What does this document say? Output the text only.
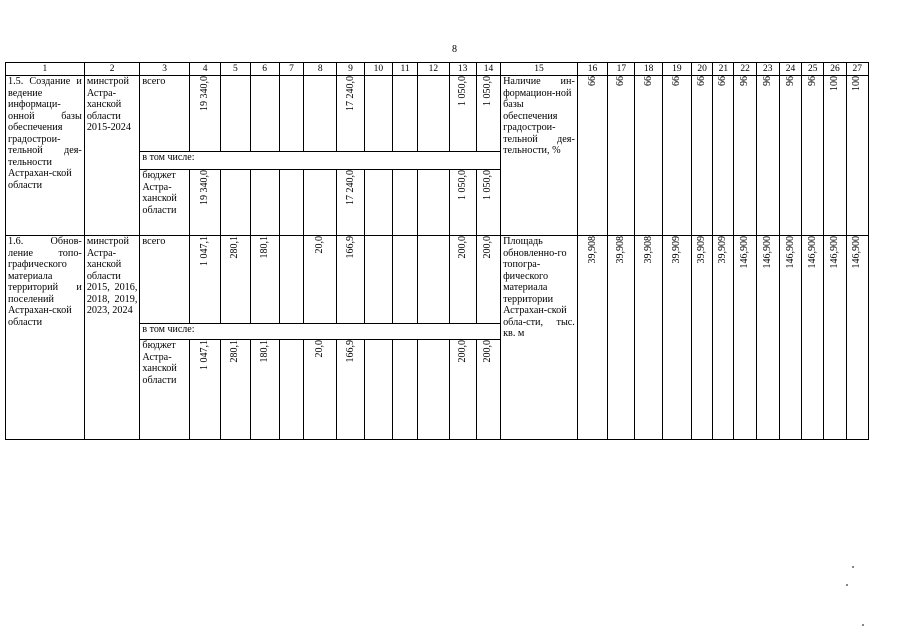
8
1	2	3	4	5	6	7	8	9	10	11	12	13	14	15	16	17	18	19	20	21	22	23	24	25	26	27
1.5. Создание и ведение информаци-онной базы обеспечения градострои-тельной дея-тельности Астрахан-ской области	минстрой Астра-ханской области 2015-2024	всего	19 340,0					17 240,0				1 050,0	1 050,0	Наличие ин-формацион-ной базы обеспечения градострои-тельной дея-тельности, %	66	66	66	66	66	66	96	96	96	96	100	100
		в том числе:																								
		бюджет Астра-ханской области	19 340,0					17 240,0				1 050,0	1 050,0													
1.6. Обнов-ление топо-графического материала территорий и поселений Астрахан-ской области	минстрой Астра-ханской области 2015, 2016, 2018, 2019, 2023, 2024	всего	1 047,1	280,1	180,1		20,0	166,9				200,0	200,0	Площадь обновленно-го топогра-фического материала территории Астрахан-ской обла-сти, тыс. кв. м	39,908	39,908	39,908	39,909	39,909	39,909	146,900	146,900	146,900	146,900	146,900	146,900
		в том числе:																								
		бюджет Астра-ханской области	1 047,1	280,1	180,1		20,0	166,9				200,0	200,0													
